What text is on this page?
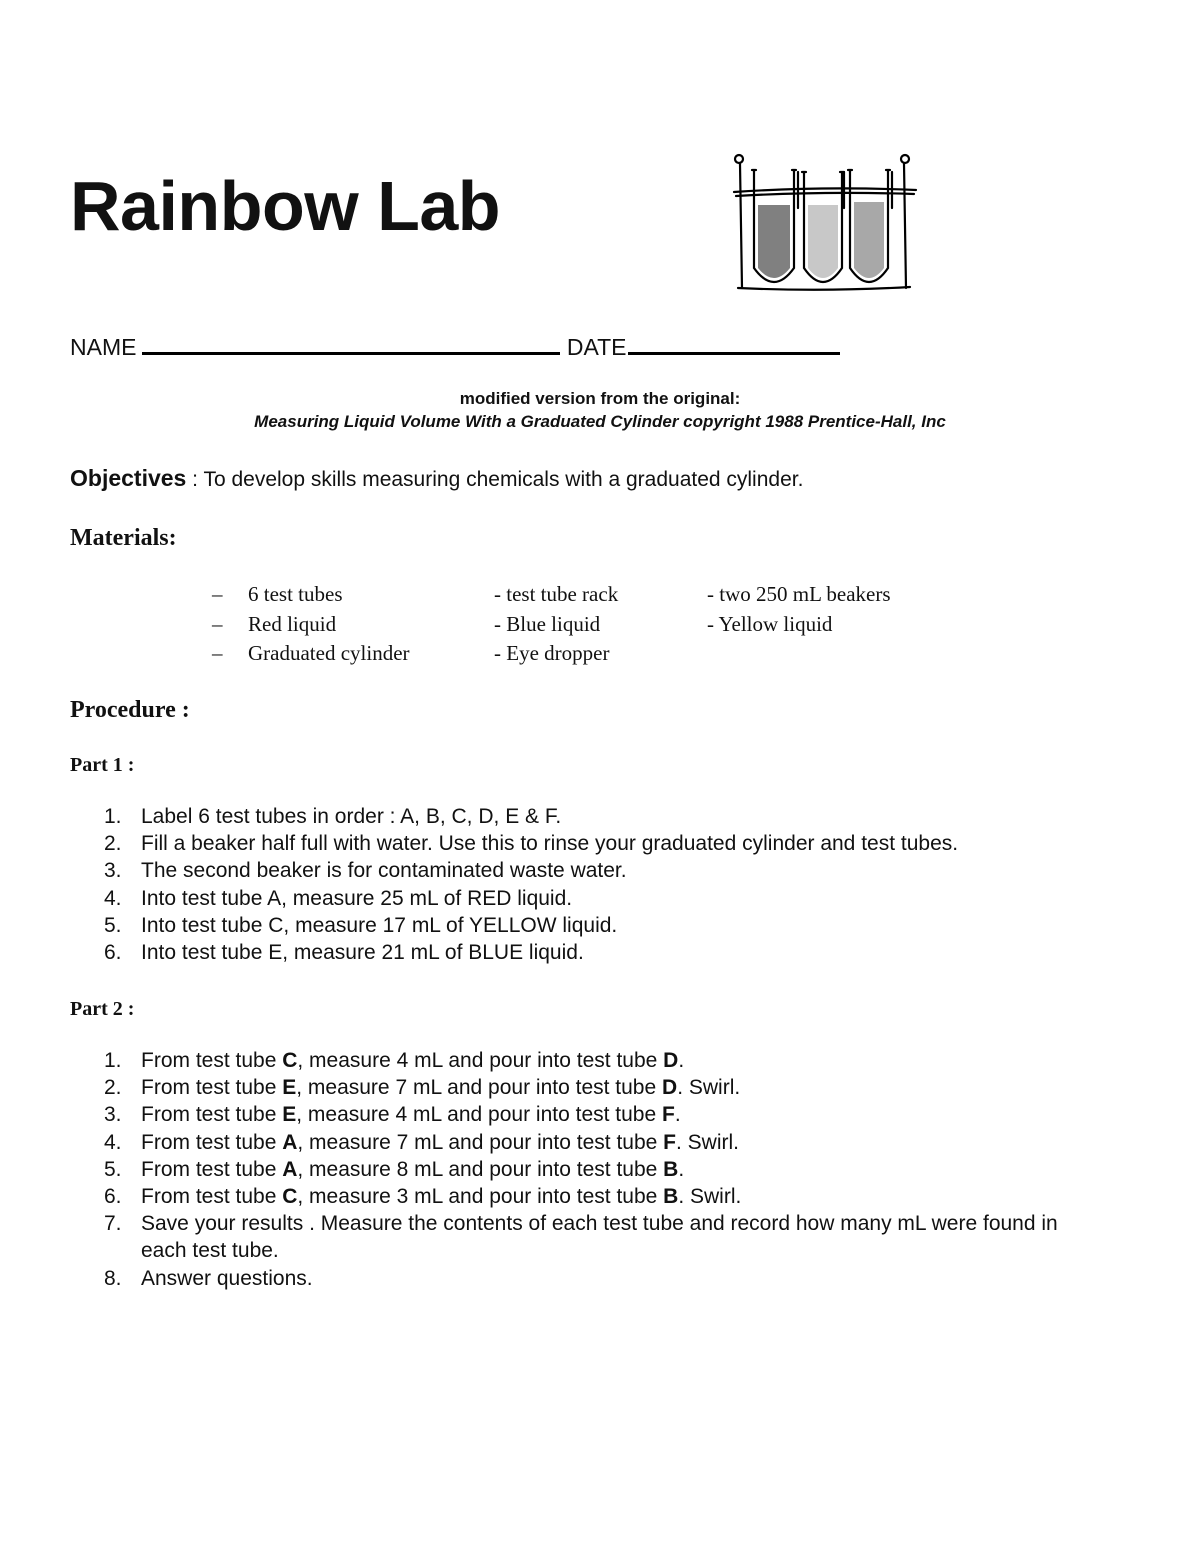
Rainbow Lab
NAME	DATE
modified version from the original:
Measuring Liquid Volume With a Graduated Cylinder copyright 1988 Prentice-Hall, Inc
Objectives : To develop skills measuring chemicals with a graduated cylinder.
Materials:
– 6 test tubes	- test tube rack	- two 250 mL beakers
– Red liquid	- Blue liquid	- Yellow liquid
– Graduated cylinder	- Eye dropper
Procedure :
Part 1 :
1. Label 6 test tubes in order : A, B, C, D, E & F.
2. Fill a beaker half full with water. Use this to rinse your graduated cylinder and test tubes.
3. The second beaker is for contaminated waste water.
4. Into test tube A, measure 25 mL of RED liquid.
5. Into test tube C, measure 17 mL of YELLOW liquid.
6. Into test tube E, measure 21 mL of BLUE liquid.
Part 2 :
1. From test tube C, measure 4 mL and pour into test tube D.
2. From test tube E, measure 7 mL and pour into test tube D. Swirl.
3. From test tube E, measure 4 mL and pour into test tube F.
4. From test tube A, measure 7 mL and pour into test tube F. Swirl.
5. From test tube A, measure 8 mL and pour into test tube B.
6. From test tube C, measure 3 mL and pour into test tube B. Swirl.
7. Save your results . Measure the contents of each test tube and record how many mL were found in each test tube.
8. Answer questions.
